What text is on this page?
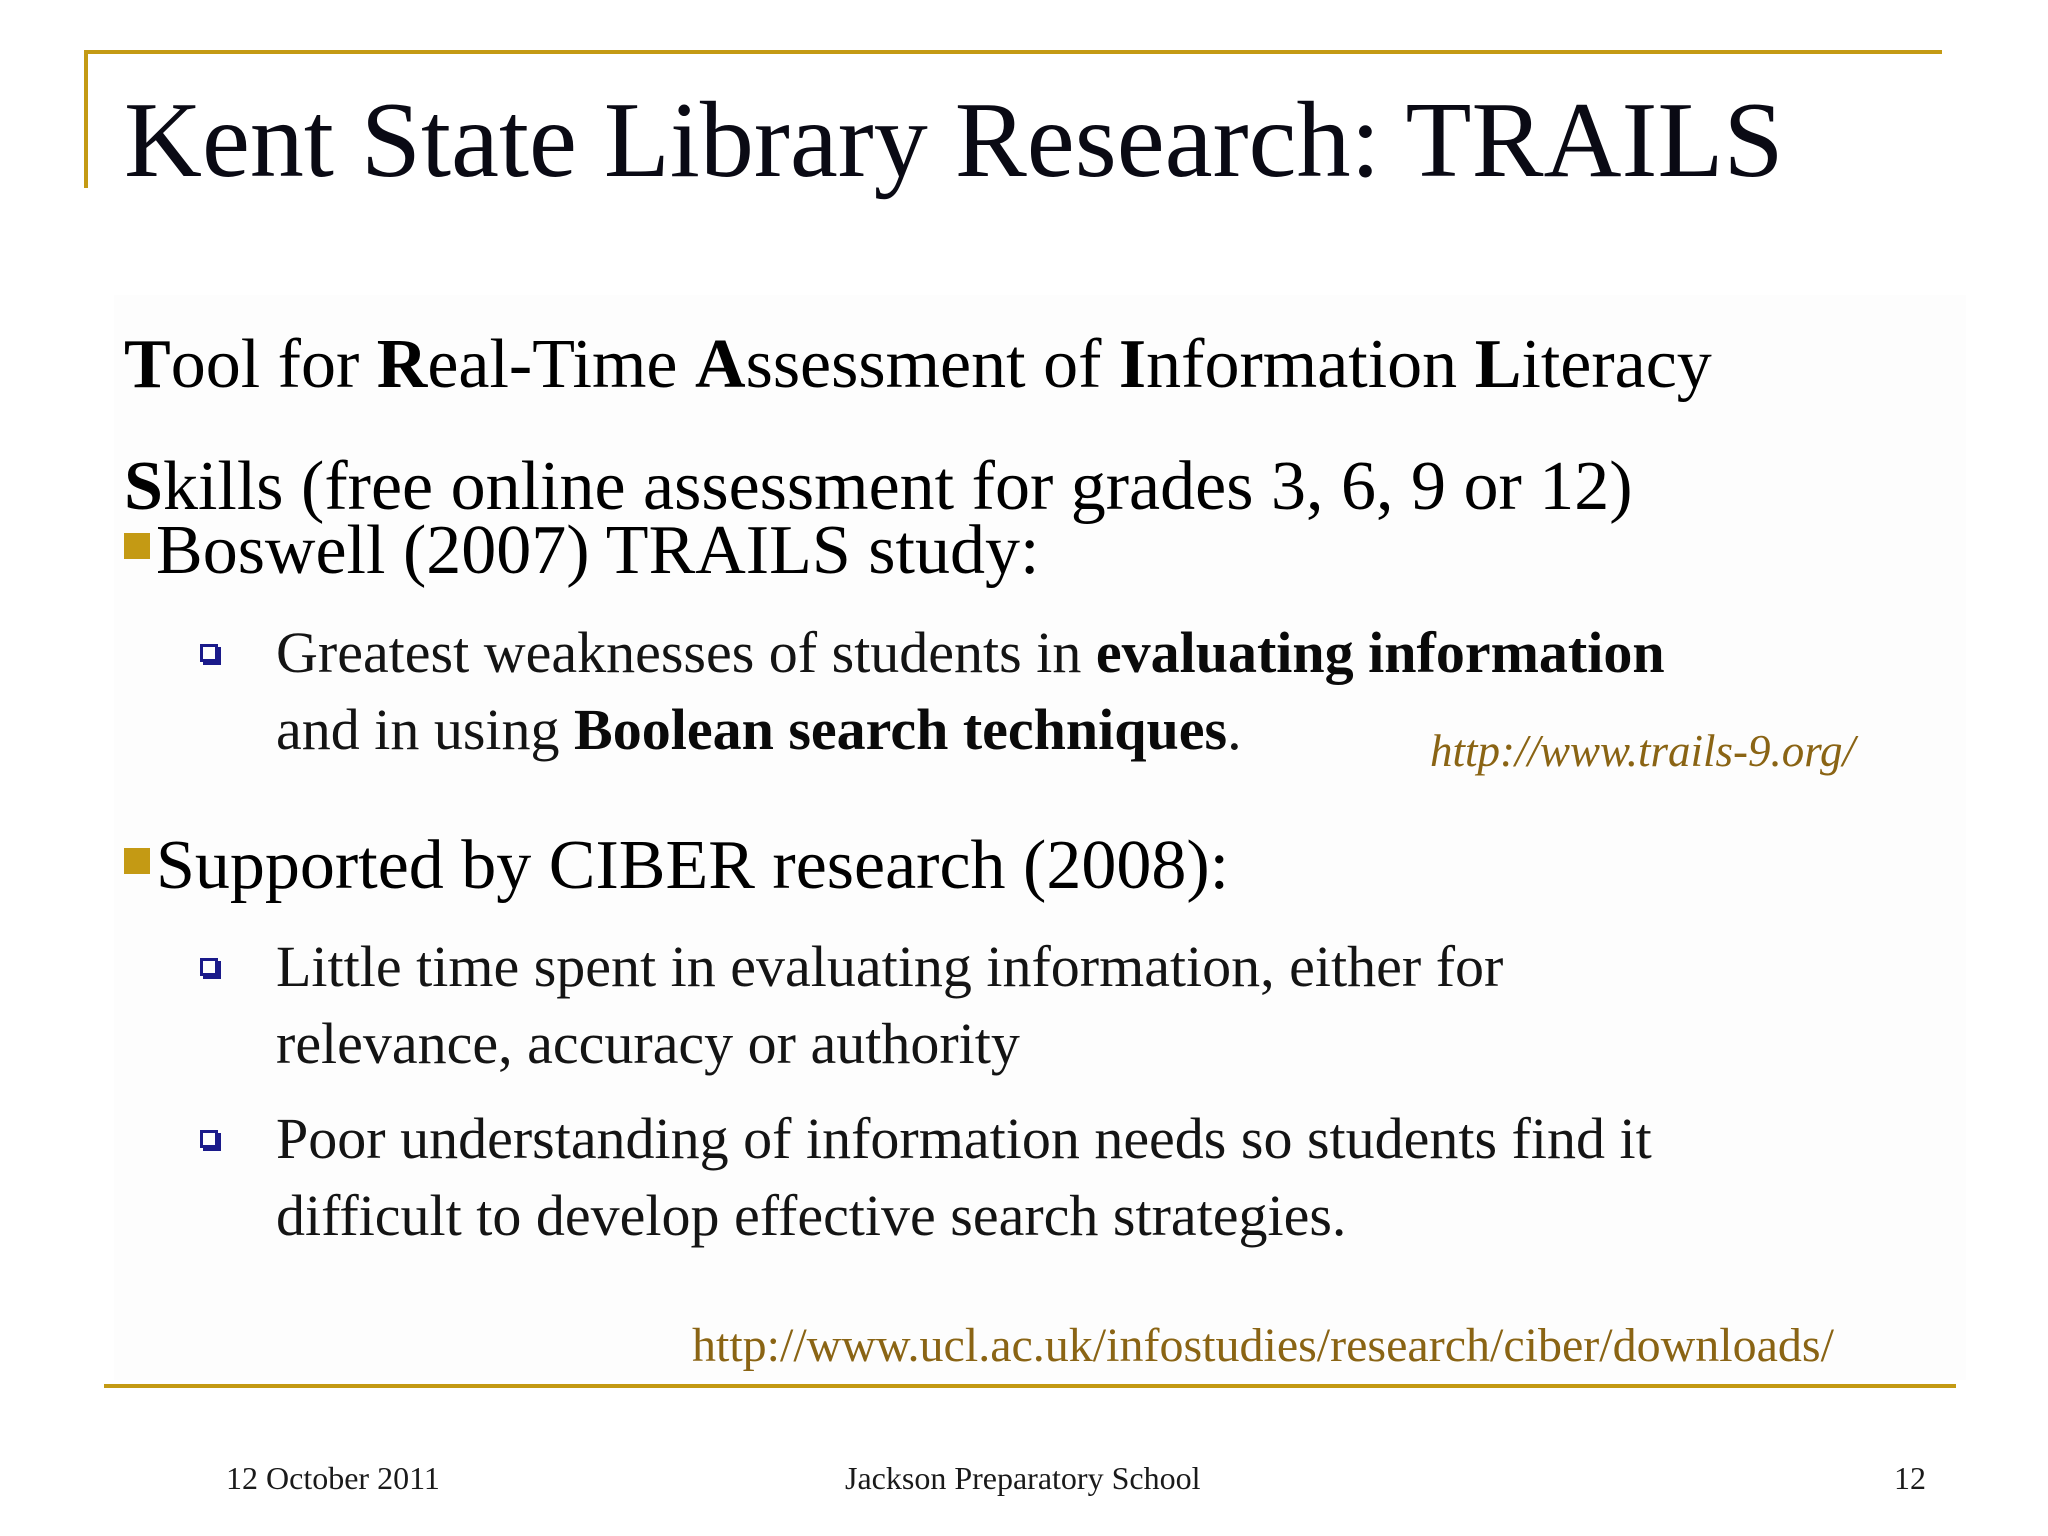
Kent State Library Research: TRAILS
Tool for Real-Time Assessment of Information Literacy
Skills (free online assessment for grades 3, 6, 9 or 12)
Boswell (2007) TRAILS study:
Greatest weaknesses of students in evaluating information
and in using Boolean search techniques.	http://www.trails-9.org/
Supported by CIBER research (2008):
Little time spent in evaluating information, either for
relevance, accuracy or authority
Poor understanding of information needs so students find it
difficult to develop effective search strategies.
http://www.ucl.ac.uk/infostudies/research/ciber/downloads/
12 October 2011	Jackson Preparatory School	12
